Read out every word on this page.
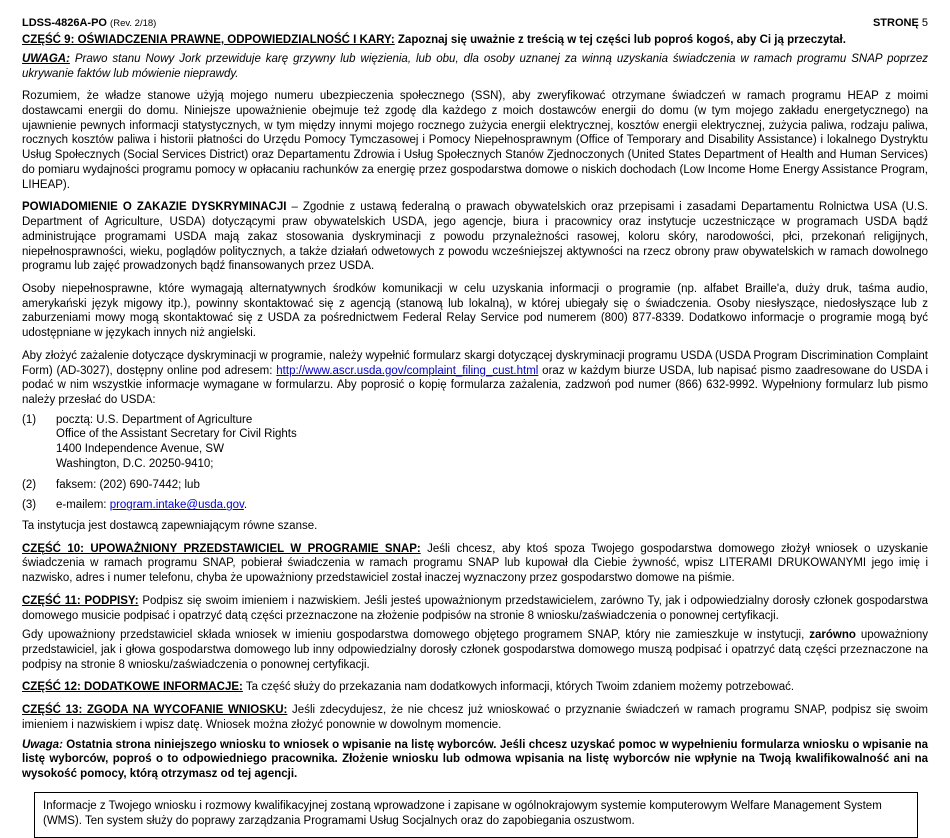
LDSS-4826A-PO (Rev. 2/18)	STRONĘ 5
CZĘŚĆ 9: OŚWIADCZENIA PRAWNE, ODPOWIEDZIALNOŚĆ I KARY: Zapoznaj się uważnie z treścią w tej części lub poproś kogoś, aby Ci ją przeczytał.

UWAGA: Prawo stanu Nowy Jork przewiduje karę grzywny lub więzienia, lub obu, dla osoby uznanej za winną uzyskania świadczenia w ramach programu SNAP poprzez ukrywanie faktów lub mówienie nieprawdy.

Rozumiem, że władze stanowe użyją mojego numeru ubezpieczenia społecznego (SSN), aby zweryfikować otrzymane świadczeń w ramach programu HEAP z moimi dostawcami energii do domu. Niniejsze upoważnienie obejmuje też zgodę dla każdego z moich dostawców energii do domu (w tym mojego zakładu energetycznego) na ujawnienie pewnych informacji statystycznych, w tym między innymi mojego rocznego zużycia energii elektrycznej, kosztów energii elektrycznej, zużycia paliwa, rodzaju paliwa, rocznych kosztów paliwa i historii płatności do Urzędu Pomocy Tymczasowej i Pomocy Niepełnosprawnym (Office of Temporary and Disability Assistance) i lokalnego Dystryktu Usług Społecznych (Social Services District) oraz Departamentu Zdrowia i Usług Społecznych Stanów Zjednoczonych (United States Department of Health and Human Services) do pomiaru wydajności programu pomocy w opłacaniu rachunków za energię przez gospodarstwa domowe o niskich dochodach (Low Income Home Energy Assistance Program, LIHEAP).

POWIADOMIENIE O ZAKAZIE DYSKRYMINACJI – Zgodnie z ustawą federalną o prawach obywatelskich oraz przepisami i zasadami Departamentu Rolnictwa USA (U.S. Department of Agriculture, USDA) dotyczącymi praw obywatelskich USDA, jego agencje, biura i pracownicy oraz instytucje uczestniczące w programach USDA bądź administrujące programami USDA mają zakaz stosowania dyskryminacji z powodu przynależności rasowej, koloru skóry, narodowości, płci, przekonań religijnych, niepełnosprawności, wieku, poglądów politycznych, a także działań odwetowych z powodu wcześniejszej aktywności na rzecz obrony praw obywatelskich w ramach dowolnego programu lub zajęć prowadzonych bądź finansowanych przez USDA.

Osoby niepełnosprawne, które wymagają alternatywnych środków komunikacji w celu uzyskania informacji o programie (np. alfabet Braille'a, duży druk, taśma audio, amerykański język migowy itp.), powinny skontaktować się z agencją (stanową lub lokalną), w której ubiegały się o świadczenia. Osoby niesłyszące, niedosłyszące lub z zaburzeniami mowy mogą skontaktować się z USDA za pośrednictwem Federal Relay Service pod numerem (800) 877-8339. Dodatkowo informacje o programie mogą być udostępniane w językach innych niż angielski.

Aby złożyć zażalenie dotyczące dyskryminacji w programie, należy wypełnić formularz skargi dotyczącej dyskryminacji programu USDA (USDA Program Discrimination Complaint Form) (AD-3027), dostępny online pod adresem: http://www.ascr.usda.gov/complaint_filing_cust.html oraz w każdym biurze USDA, lub napisać pismo zaadresowane do USDA i podać w nim wszystkie informacje wymagane w formularzu. Aby poprosić o kopię formularza zażalenia, zadzwoń pod numer (866) 632-9992. Wypełniony formularz lub pismo należy przesłać do USDA:

(1)	pocztą: U.S. Department of Agriculture
Office of the Assistant Secretary for Civil Rights
1400 Independence Avenue, SW
Washington, D.C. 20250-9410;
(2)	faksem: (202) 690-7442; lub
(3)	e-mailem: program.intake@usda.gov.

Ta instytucja jest dostawcą zapewniającym równe szanse.

CZĘŚĆ 10: UPOWAŻNIONY PRZEDSTAWICIEL W PROGRAMIE SNAP: Jeśli chcesz, aby ktoś spoza Twojego gospodarstwa domowego złożył wniosek o uzyskanie świadczenia w ramach programu SNAP, pobierał świadczenia w ramach programu SNAP lub kupował dla Ciebie żywność, wpisz LITERAMI DRUKOWANYMI jego imię i nazwisko, adres i numer telefonu, chyba że upoważniony przedstawiciel został inaczej wyznaczony przez gospodarstwo domowe na piśmie.

CZĘŚĆ 11: PODPISY: Podpisz się swoim imieniem i nazwiskiem. Jeśli jesteś upoważnionym przedstawicielem, zarówno Ty, jak i odpowiedzialny dorosły członek gospodarstwa domowego musicie podpisać i opatrzyć datą części przeznaczone na złożenie podpisów na stronie 8 wniosku/zaświadczenia o ponownej certyfikacji.

Gdy upoważniony przedstawiciel składa wniosek w imieniu gospodarstwa domowego objętego programem SNAP, który nie zamieszkuje w instytucji, zarówno upoważniony przedstawiciel, jak i głowa gospodarstwa domowego lub inny odpowiedzialny dorosły członek gospodarstwa domowego muszą podpisać i opatrzyć datą części przeznaczone na podpisy na stronie 8 wniosku/zaświadczenia o ponownej certyfikacji.

CZĘŚĆ 12: DODATKOWE INFORMACJE: Ta część służy do przekazania nam dodatkowych informacji, których Twoim zdaniem możemy potrzebować.

CZĘŚĆ 13: ZGODA NA WYCOFANIE WNIOSKU: Jeśli zdecydujesz, że nie chcesz już wnioskować o przyznanie świadczeń w ramach programu SNAP, podpisz się swoim imieniem i nazwiskiem i wpisz datę. Wniosek można złożyć ponownie w dowolnym momencie.

Uwaga: Ostatnia strona niniejszego wniosku to wniosek o wpisanie na listę wyborców. Jeśli chcesz uzyskać pomoc w wypełnieniu formularza wniosku o wpisanie na listę wyborców, poproś o to odpowiedniego pracownika. Złożenie wniosku lub odmowa wpisania na listę wyborców nie wpłynie na Twoją kwalifikowalność ani na wysokość pomocy, którą otrzymasz od tej agencji.

Informacje z Twojego wniosku i rozmowy kwalifikacyjnej zostaną wprowadzone i zapisane w ogólnokrajowym systemie komputerowym Welfare Management System (WMS). Ten system służy do poprawy zarządzania Programami Usług Socjalnych oraz do zapobiegania oszustwom.
